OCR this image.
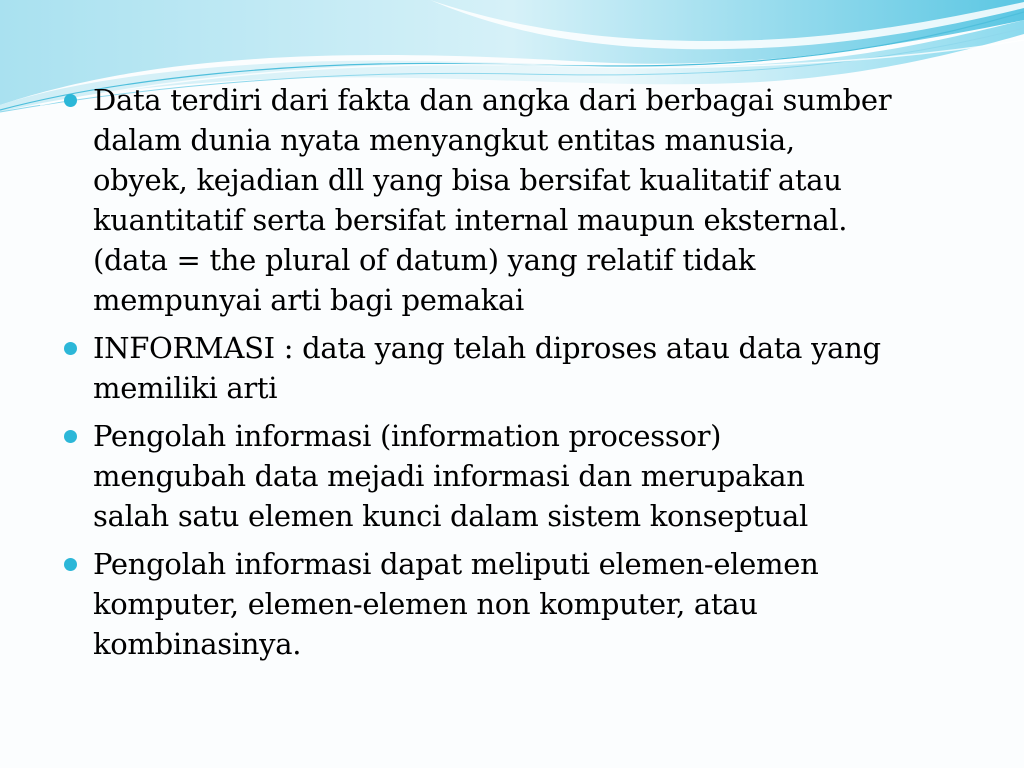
Data terdiri dari fakta dan angka dari berbagai sumber
dalam dunia nyata menyangkut entitas manusia,
obyek, kejadian dll yang bisa bersifat kualitatif atau
kuantitatif serta bersifat internal maupun eksternal.
(data = the plural of datum) yang relatif tidak
mempunyai arti bagi pemakai
INFORMASI : data yang telah diproses atau data yang
memiliki arti
Pengolah informasi (information processor)
mengubah data mejadi informasi dan merupakan
salah satu elemen kunci dalam sistem konseptual
Pengolah informasi dapat meliputi elemen-elemen
komputer, elemen-elemen non komputer, atau
kombinasinya.
